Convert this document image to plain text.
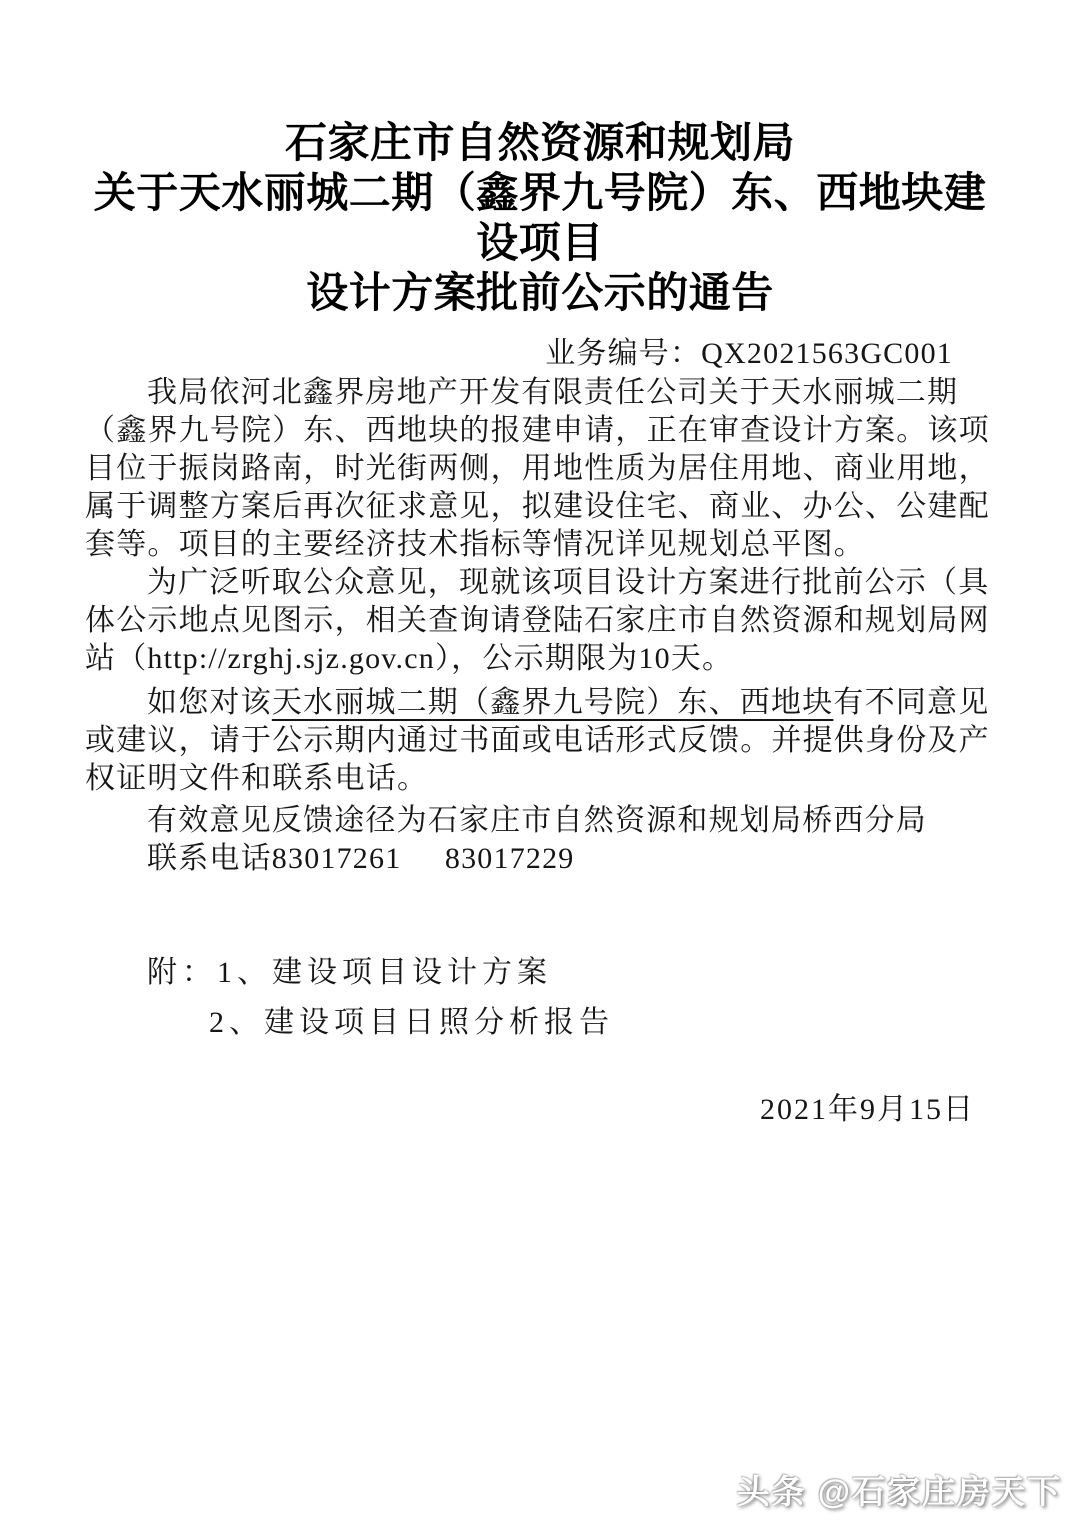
石家庄市自然资源和规划局
关于天水丽城二期（鑫界九号院）东、西地块建
设项目
设计方案批前公示的通告
业务编号：QX2021563GC001
我局依河北鑫界房地产开发有限责任公司关于天水丽城二期
（鑫界九号院）东、西地块的报建申请，正在审查设计方案。该项
目位于振岗路南，时光街两侧，用地性质为居住用地、商业用地，
属于调整方案后再次征求意见，拟建设住宅、商业、办公、公建配
套等。项目的主要经济技术指标等情况详见规划总平图。
为广泛听取公众意见，现就该项目设计方案进行批前公示（具
体公示地点见图示，相关查询请登陆石家庄市自然资源和规划局网
站（http://zrghj.sjz.gov.cn），公示期限为10天。
如您对该天水丽城二期（鑫界九号院）东、西地块有不同意见
或建议，请于公示期内通过书面或电话形式反馈。并提供身份及产
权证明文件和联系电话。
有效意见反馈途径为石家庄市自然资源和规划局桥西分局
联系电话83017261     83017229
附：1、建设项目设计方案
2、建设项目日照分析报告
2021年9月15日
头条 @石家庄房天下
